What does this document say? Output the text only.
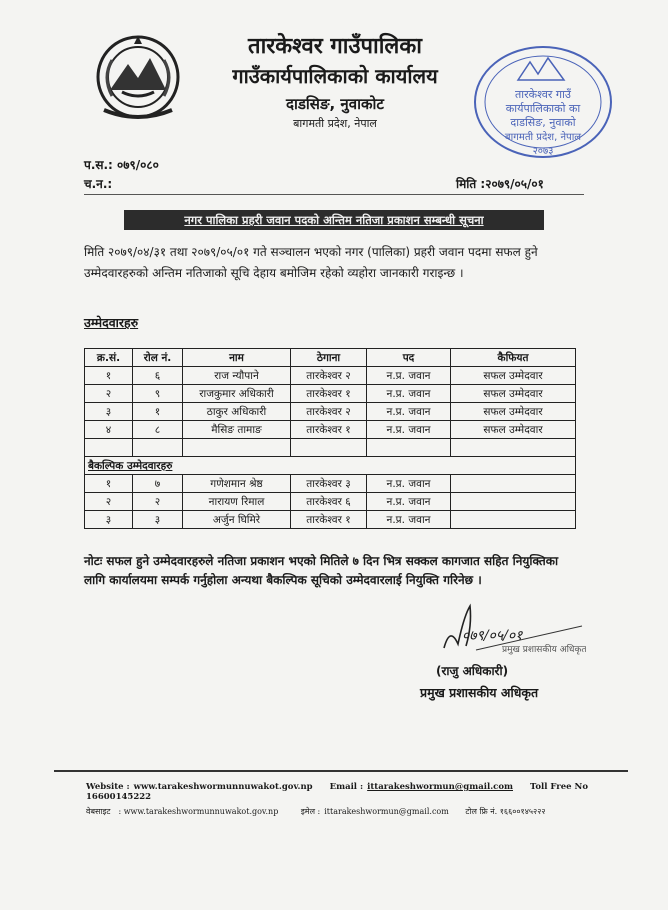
तारकेश्वर गाउँपालिका
गाउँकार्यपालिकाको कार्यालय
दाडसिङ, नुवाकोट
बागमती प्रदेश, नेपाल
तारकेश्वर गाउँ
कार्यपालिकाको का
दाडसिङ, नुवाको
बागमती प्रदेश, नेपाल
२०७३
प.स.: ०७९/०८०
च.न.:	मिति :२०७९/०५/०१
नगर पालिका प्रहरी जवान पदको अन्तिम नतिजा प्रकाशन सम्बन्धी सूचना
मिति २०७९/०४/३१ तथा २०७९/०५/०१ गते सञ्चालन भएको नगर (पालिका) प्रहरी जवान पदमा सफल हुने उम्मेदवारहरुको अन्तिम नतिजाको सूचि देहाय बमोजिम रहेको व्यहोरा जानकारी गराइन्छ ।
उम्मेदवारहरु
क्र.सं.	रोल नं.	नाम	ठेगाना	पद	कैफियत
१	६	राज न्यौपाने	तारकेश्वर २	न.प्र. जवान	सफल उम्मेदवार
२	९	राजकुमार अधिकारी	तारकेश्वर १	न.प्र. जवान	सफल उम्मेदवार
३	१	ठाकुर अधिकारी	तारकेश्वर २	न.प्र. जवान	सफल उम्मेदवार
४	८	मैसिङ तामाङ	तारकेश्वर १	न.प्र. जवान	सफल उम्मेदवार

बैकल्पिक उम्मेदवारहरु					
१	७	गणेशमान श्रेष्ठ	तारकेश्वर ३	न.प्र. जवान	
२	२	नारायण रिमाल	तारकेश्वर ६	न.प्र. जवान	
३	३	अर्जुन घिमिरे	तारकेश्वर १	न.प्र. जवान	
नोटः सफल हुने उम्मेदवारहरुले नतिजा प्रकाशन भएको मितिले ७ दिन भित्र सक्कल कागजात सहित नियुक्तिका लागि कार्यालयमा सम्पर्क गर्नुहोला अन्यथा बैकल्पिक सूचिको उम्मेदवारलाई नियुक्ति गरिनेछ ।
०७९/०५/०१
प्रमुख प्रशासकीय अधिकृत
(राजु अधिकारी)
प्रमुख प्रशासकीय अधिकृत
Website : www.tarakeshwormunnuwakot.gov.np Email : ittarakeshwormun@gmail.com Toll Free No 16600145222
वेबसाइट : www.tarakeshwormunnuwakot.gov.np	इमेल : ittarakeshwormun@gmail.com टोल फ्रि नं. १६६००१४५२२२
